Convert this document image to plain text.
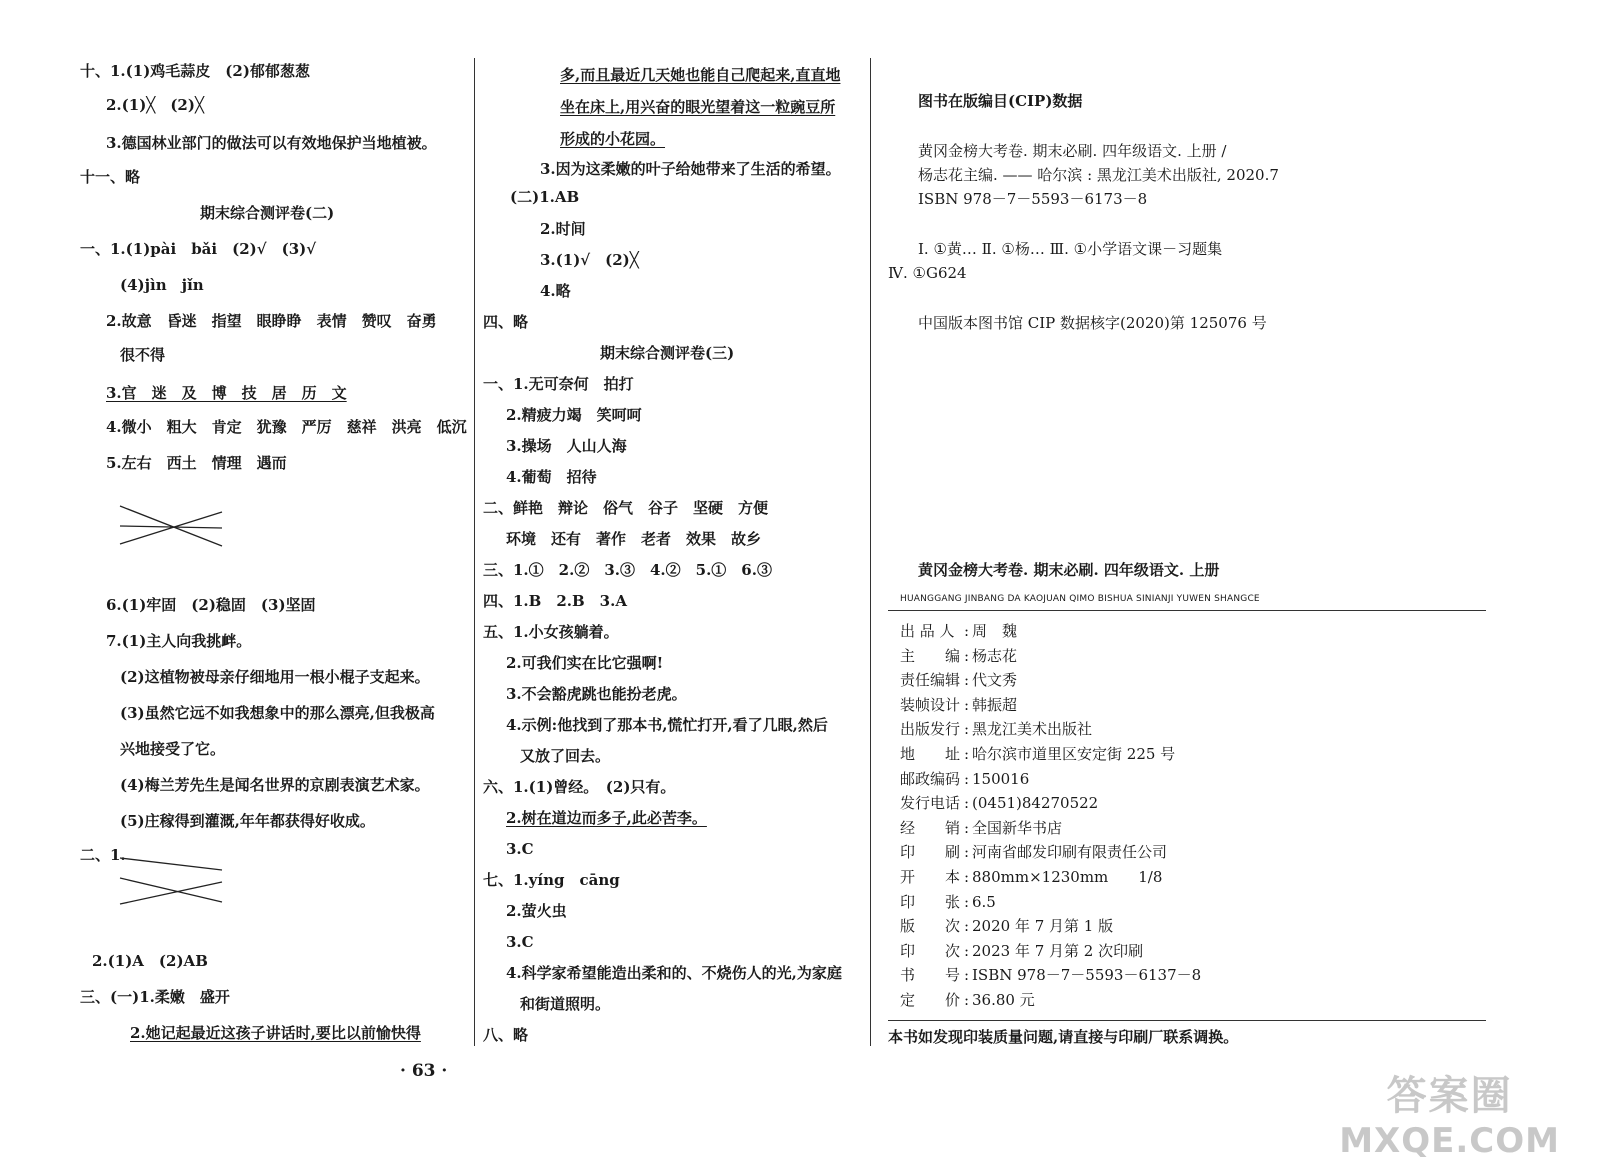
十、1.(1)鸡毛蒜皮　(2)郁郁葱葱
2.(1)╳　(2)╳
3.德国林业部门的做法可以有效地保护当地植被。
十一、略
期末综合测评卷(二)
一、1.(1)pài　bǎi　(2)√　(3)√
(4)jìn　jǐn
2.故意　昏迷　指望　眼睁睁　表情　赞叹　奋勇
很不得
3.官　迷　及　博　技　居　历　文
4.微小　粗大　肯定　犹豫　严厉　慈祥　洪亮　低沉
5.左右　西土　情理　遇而
6.(1)牢固　(2)稳固　(3)坚固
7.(1)主人向我挑衅。
(2)这植物被母亲仔细地用一根小棍子支起来。
(3)虽然它远不如我想象中的那么漂亮,但我极高
兴地接受了它。
(4)梅兰芳先生是闻名世界的京剧表演艺术家。
(5)庄稼得到灌溉,年年都获得好收成。
二、1.
2.(1)A　(2)AB
三、(一)1.柔嫩　盛开
2.她记起最近这孩子讲话时,要比以前愉快得
多,而且最近几天她也能自己爬起来,直直地
坐在床上,用兴奋的眼光望着这一粒豌豆所
形成的小花园。
3.因为这柔嫩的叶子给她带来了生活的希望。
(二)1.AB
2.时间
3.(1)√　(2)╳
4.略
四、略
期末综合测评卷(三)
一、1.无可奈何　拍打
2.精疲力竭　笑呵呵
3.操场　人山人海
4.葡萄　招待
二、鲜艳　辩论　俗气　谷子　坚硬　方便
环境　还有　著作　老者　效果　故乡
三、1.①　2.②　3.③　4.②　5.①　6.③
四、1.B　2.B　3.A
五、1.小女孩躺着。
2.可我们实在比它强啊!
3.不会豁虎跳也能扮老虎。
4.示例:他找到了那本书,慌忙打开,看了几眼,然后
又放了回去。
六、1.(1)曾经。　(2)只有。
2.树在道边而多子,此必苦李。
3.C
七、1.yíng　cāng
2.萤火虫
3.C
4.科学家希望能造出柔和的、不烧伤人的光,为家庭
和街道照明。
八、略
图书在版编目(CIP)数据
黄冈金榜大考卷. 期末必刷. 四年级语文. 上册 /
杨志花主编. —— 哈尔滨 : 黑龙江美术出版社, 2020.7
ISBN 978－7－5593－6173－8
Ⅰ. ①黄… Ⅱ. ①杨… Ⅲ. ①小学语文课－习题集
Ⅳ. ①G624
中国版本图书馆 CIP 数据核字(2020)第 125076 号
黄冈金榜大考卷. 期末必刷. 四年级语文. 上册
HUANGGANG JINBANG DA KAOJUAN QIMO BISHUA SINIANJI YUWEN SHANGCE
出 品 人 : 周　魏
主　　编 : 杨志花
责任编辑 : 代文秀
装帧设计 : 韩振超
出版发行 : 黑龙江美术出版社
地　　址 : 哈尔滨市道里区安定街 225 号
邮政编码 : 150016
发行电话 : (0451)84270522
经　　销 : 全国新华书店
印　　刷 : 河南省邮发印刷有限责任公司
开　　本 : 880mm×1230mm　　1/8
印　　张 : 6.5
版　　次 : 2020 年 7 月第 1 版
印　　次 : 2023 年 7 月第 2 次印刷
书　　号 : ISBN 978－7－5593－6137－8
定　　价 : 36.80 元
本书如发现印装质量问题,请直接与印刷厂联系调换。
· 63 ·
答案圈
MXQE.COM
